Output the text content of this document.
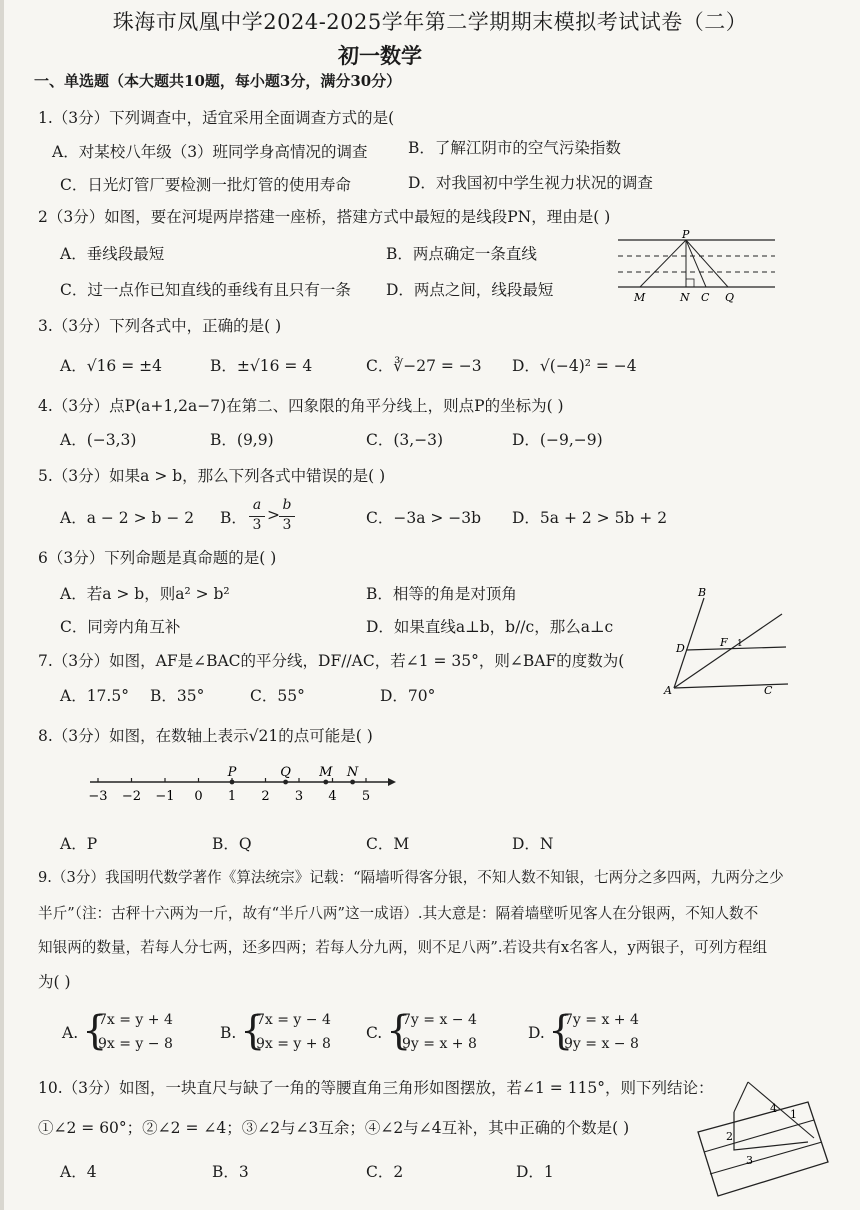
珠海市凤凰中学2024-2025学年第二学期期末模拟考试试卷（二）
初一数学
一、单选题（本大题共10题，每小题3分，满分30分）
1.（3分）下列调查中，适宜采用全面调查方式的是(
A．对某校八年级（3）班同学身高情况的调查	B．了解江阴市的空气污染指数
C．日光灯管厂要检测一批灯管的使用寿命	D．对我国初中学生视力状况的调查
2（3分）如图，要在河堤两岸搭建一座桥，搭建方式中最短的是线段PN，理由是( )
A．垂线段最短	B．两点确定一条直线
C．过一点作已知直线的垂线有且只有一条 D．两点之间，线段最短
P
M	N C Q
3.（3分）下列各式中，正确的是( )
A．√16 = ±4	B．±√16 = 4	C．∛−27 = −3 D．√(−4)² = −4
4.（3分）点P(a+1,2a−7)在第二、四象限的角平分线上，则点P的坐标为( )
A．(−3,3)	B．(9,9)	C．(3,−3)	D．(−9,−9)
5.（3分）如果a > b，那么下列各式中错误的是( )
A．a − 2 > b − 2 B．
a
3
>
b
3	C．−3a > −3b D．5a + 2 > 5b + 2
6（3分）下列命题是真命题的是( )
A．若a > b，则a² > b²	B．相等的角是对顶角
C．同旁内角互补	D．如果直线a⊥b，b//c，那么a⊥c
7.（3分）如图，AF是∠BAC的平分线，DF//AC，若∠1 = 35°，则∠BAF的度数为(
A．17.5° B．35°	C．55°	D．70°
B
D	F 1
A	C
8.（3分）如图，在数轴上表示√21的点可能是( )
−3 −2 −1 0 1 2 3 4 5
P	Q M N
A．P	B．Q	C．M	D．N
9.（3分）我国明代数学著作《算法统宗》记载：“隔墙听得客分银，不知人数不知银，七两分之多四两，九两分之少
半斤”（注：古秤十六两为一斤，故有“半斤八两”这一成语）.其大意是：隔着墙壁听见客人在分银两，不知人数不
知银两的数量，若每人分七两，还多四两；若每人分九两，则不足八两”.若设共有x名客人，y两银子，可列方程组
为( )
A. {
7x = y + 4
9x = y − 8
B. {
7x = y − 4
9x = y + 8
C. {
7y = x − 4
9y = x + 8
D. {
7y = x + 4
9y = x − 8
10.（3分）如图，一块直尺与缺了一角的等腰直角三角形如图摆放，若∠1 = 115°，则下列结论：
①∠2 = 60°；②∠2 = ∠4；③∠2与∠3互余；④∠2与∠4互补，其中正确的个数是( )
A．4	B．3	C．2	D．1
4 1
2
3
